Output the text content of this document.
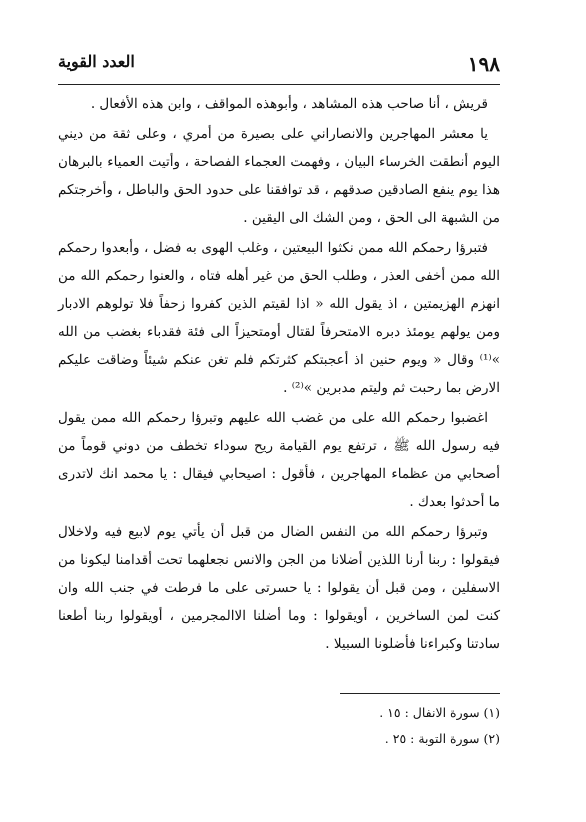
١٩٨
العدد القوية

قريش ، أنا صاحب هذه المشاهد ، وأبوهذه المواقف ، وابن هذه الأفعال .

يا معشر المهاجرين والانصاراني على بصيرة من أمري ، وعلى ثقة من ديني اليوم أنطقت الخرساء البيان ، وفهمت العجماء الفصاحة ، وأتيت العمياء بالبرهان هذا يوم ينفع الصادقين صدقهم ، قد توافقنا على حدود الحق والباطل ، وأخرجتكم من الشبهة الى الحق ، ومن الشك الى اليقين .

فتبرؤا رحمكم الله ممن نكثوا البيعتين ، وغلب الهوى به فضل ، وأبعدوا رحمكم الله ممن أخفى العذر ، وطلب الحق من غير أهله فتاه ، والعنوا رحمكم الله من انهزم الهزيمتين ، اذ يقول الله « اذا لقيتم الذين كفروا زحفاً فلا تولوهم الادبار ومن يولهم يومئذ دبره الامتحرفاً لقتال أومتحيزاً الى فئة فقدباء بغضب من الله »⁽¹⁾ وقال « ويوم حنين اذ أعجبتكم كثرتكم فلم تغن عنكم شيئاً وضاقت عليكم الارض بما رحبت ثم وليتم مدبرين »⁽²⁾ .

اغضبوا رحمكم الله على من غضب الله عليهم وتبرؤا رحمكم الله ممن يقول فيه رسول الله ﷺ ، ترتفع يوم القيامة ريح سوداء تخطف من دوني قوماً من أصحابي من عظماء المهاجرين ، فأقول : اصيحابي فيقال : يا محمد انك لاتدرى ما أحدثوا بعدك .

وتبرؤا رحمكم الله من النفس الضال من قبل أن يأتي يوم لابيع فيه ولاخلال فيقولوا : ربنا أرنا اللذين أضلانا من الجن والانس نجعلهما تحت أقدامنا ليكونا من الاسفلين ، ومن قبل أن يقولوا : يا حسرتى على ما فرطت في جنب الله وان كنت لمن الساخرين ، أويقولوا : وما أضلنا الاالمجرمين ، أويقولوا ربنا أطعنا سادتنا وكبراءنا فأضلونا السبيلا .

(١) سورة الانفال : ١٥ .
(٢) سورة التوبة : ٢٥ .
